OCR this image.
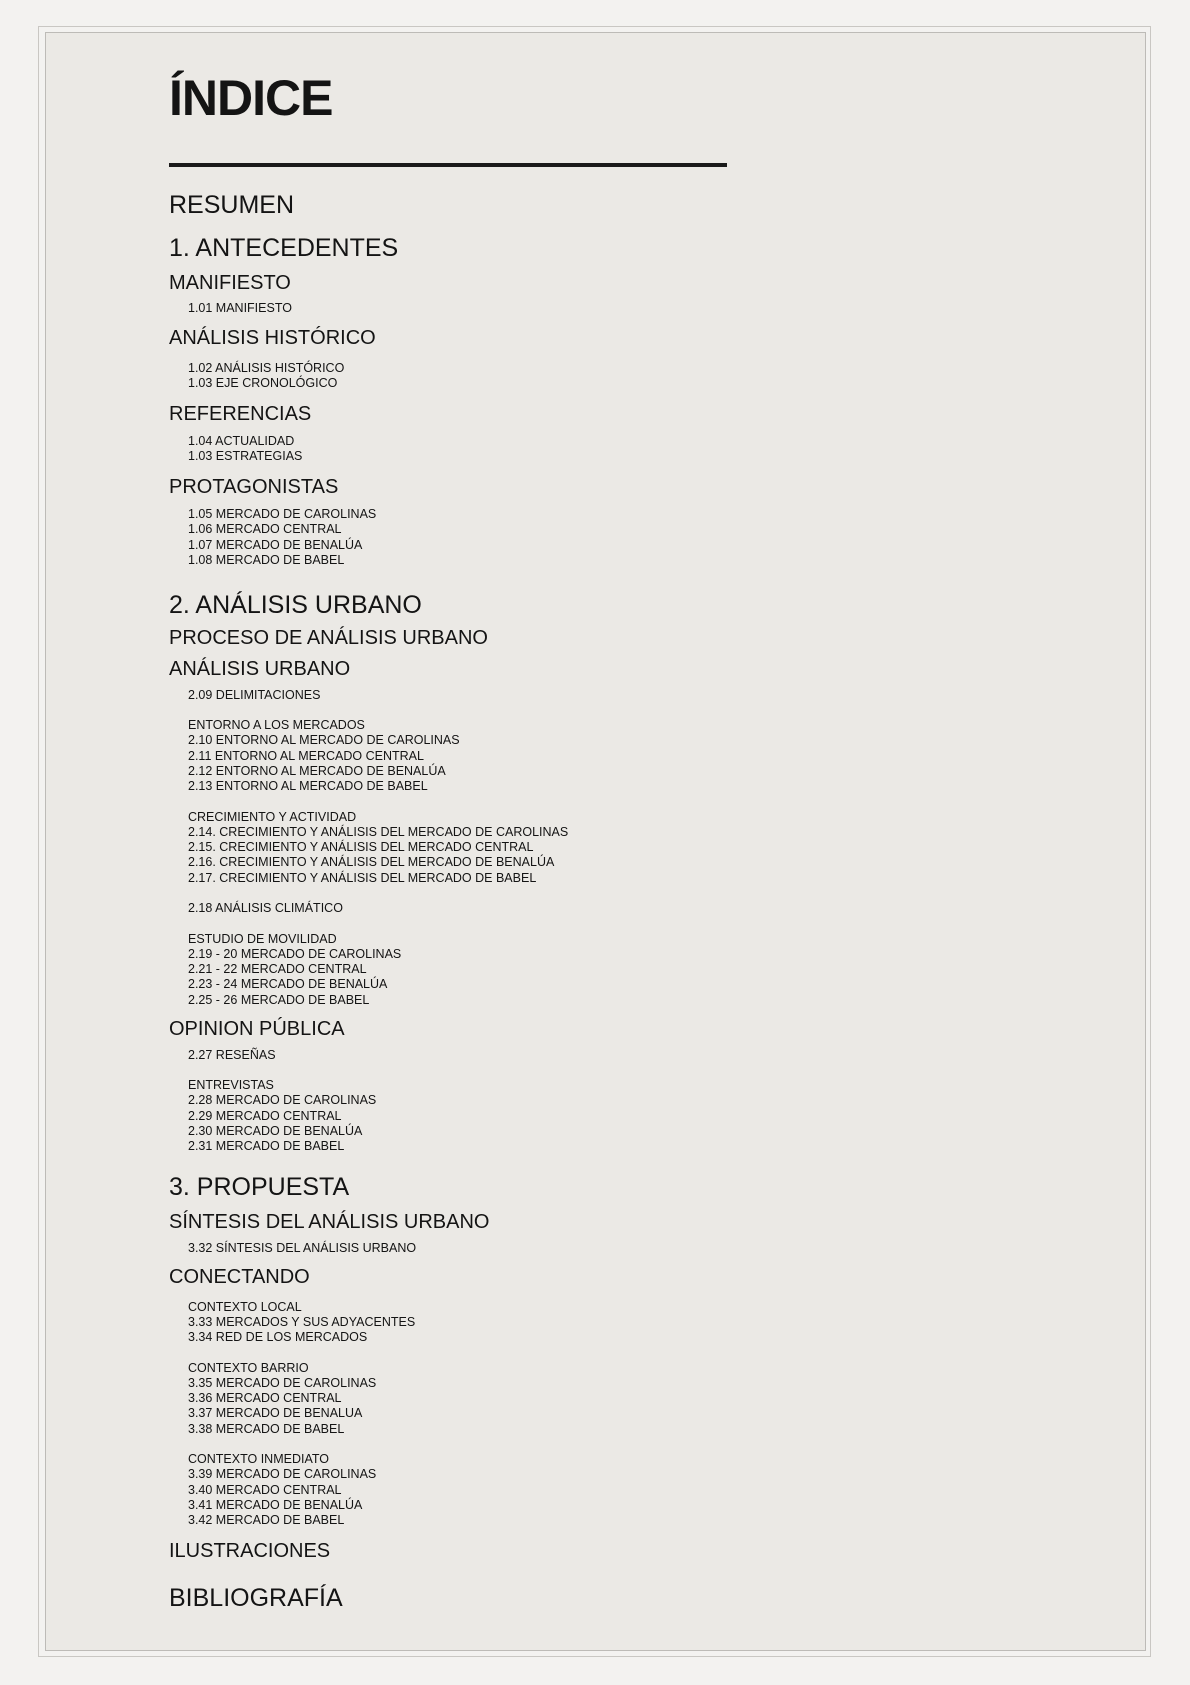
ÍNDICE
RESUMEN
1. ANTECEDENTES
MANIFIESTO
1.01 MANIFIESTO
ANÁLISIS HISTÓRICO
1.02 ANÁLISIS HISTÓRICO
1.03 EJE CRONOLÓGICO
REFERENCIAS
1.04 ACTUALIDAD
1.03 ESTRATEGIAS
PROTAGONISTAS
1.05 MERCADO DE CAROLINAS
1.06 MERCADO CENTRAL
1.07 MERCADO DE BENALÚA
1.08 MERCADO DE BABEL
2. ANÁLISIS URBANO
PROCESO DE ANÁLISIS URBANO
ANÁLISIS URBANO
2.09 DELIMITACIONES
ENTORNO A LOS MERCADOS
2.10 ENTORNO AL MERCADO DE CAROLINAS
2.11 ENTORNO AL MERCADO CENTRAL
2.12 ENTORNO AL MERCADO DE BENALÚA
2.13 ENTORNO AL MERCADO DE BABEL
CRECIMIENTO Y ACTIVIDAD
2.14. CRECIMIENTO Y ANÁLISIS DEL MERCADO DE CAROLINAS
2.15. CRECIMIENTO Y ANÁLISIS DEL MERCADO CENTRAL
2.16. CRECIMIENTO Y ANÁLISIS DEL MERCADO DE BENALÚA
2.17. CRECIMIENTO Y ANÁLISIS DEL MERCADO DE BABEL
2.18 ANÁLISIS CLIMÁTICO
ESTUDIO DE MOVILIDAD
2.19 - 20 MERCADO DE CAROLINAS
2.21 - 22 MERCADO CENTRAL
2.23 - 24 MERCADO DE BENALÚA
2.25 - 26 MERCADO DE BABEL
OPINION PÚBLICA
2.27 RESEÑAS
ENTREVISTAS
2.28 MERCADO DE CAROLINAS
2.29 MERCADO CENTRAL
2.30 MERCADO DE BENALÚA
2.31 MERCADO DE BABEL
3. PROPUESTA
SÍNTESIS DEL ANÁLISIS URBANO
3.32 SÍNTESIS DEL ANÁLISIS URBANO
CONECTANDO
CONTEXTO LOCAL
3.33 MERCADOS Y SUS ADYACENTES
3.34 RED DE LOS MERCADOS
CONTEXTO BARRIO
3.35 MERCADO DE CAROLINAS
3.36 MERCADO CENTRAL
3.37 MERCADO DE BENALUA
3.38 MERCADO DE BABEL
CONTEXTO INMEDIATO
3.39 MERCADO DE CAROLINAS
3.40 MERCADO CENTRAL
3.41 MERCADO DE BENALÚA
3.42 MERCADO DE BABEL
ILUSTRACIONES
BIBLIOGRAFÍA
